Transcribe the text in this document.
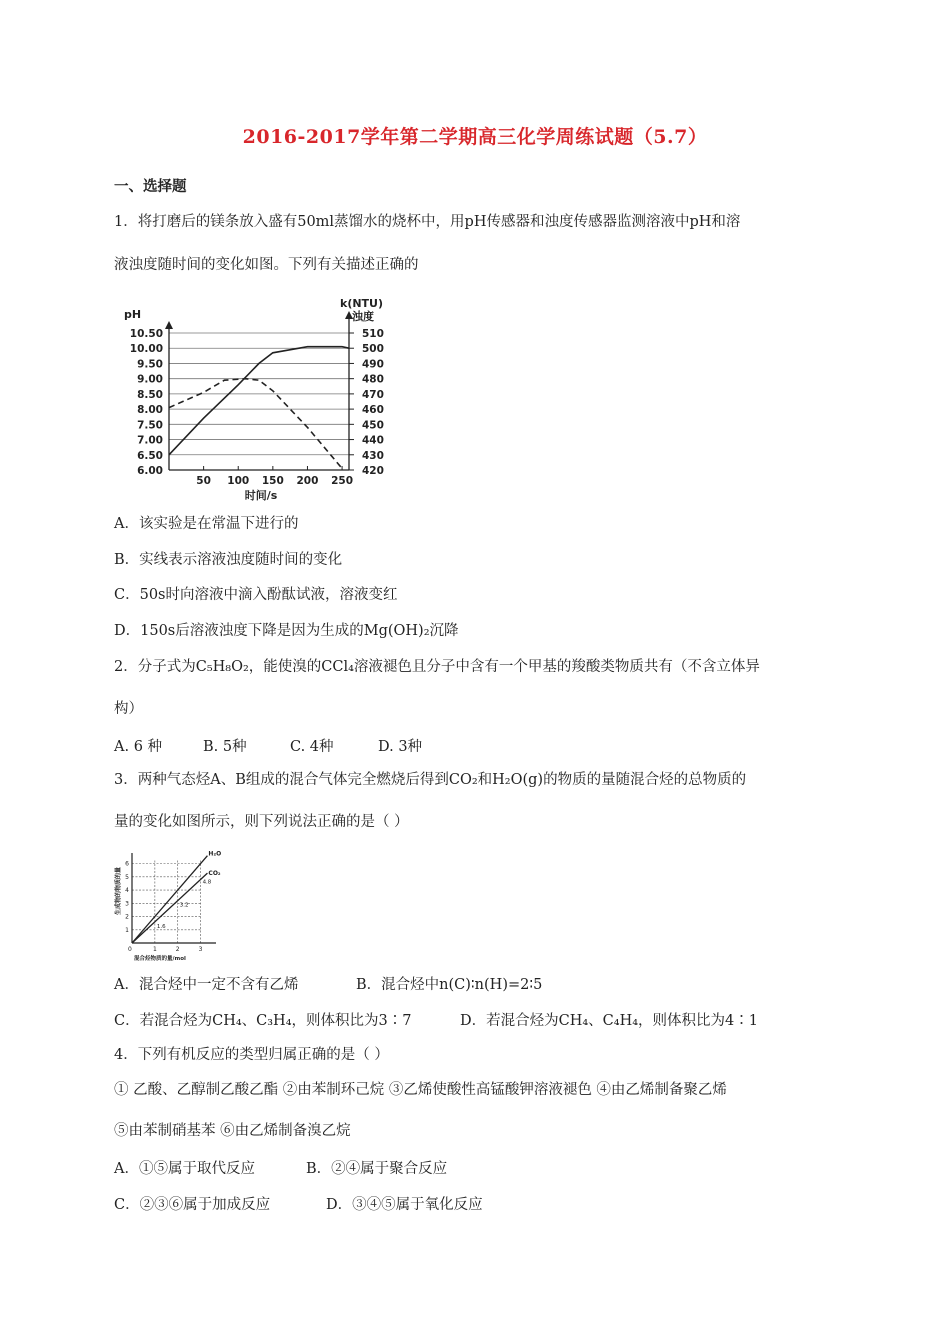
2016-2017学年第二学期高三化学周练试题（5.7）
一、选择题
1．将打磨后的镁条放入盛有50ml蒸馏水的烧杯中，用pH传感器和浊度传感器监测溶液中pH和溶
液浊度随时间的变化如图。下列有关描述正确的
pH
k(NTU)
浊度
6.00
6.50
7.00
7.50
8.00
8.50
9.00
9.50
10.00
10.50
420
430
440
450
460
470
480
490
500
510
50 100 150 200 250
时间/s
A．该实验是在常温下进行的
B．实线表示溶液浊度随时间的变化
C．50s时向溶液中滴入酚酞试液，溶液变红
D．150s后溶液浊度下降是因为生成的Mg(OH)₂沉降
2．分子式为C₅H₈O₂，能使溴的CCl₄溶液褪色且分子中含有一个甲基的羧酸类物质共有（不含立体异
构）
A. 6 种	B. 5种	C. 4种	D. 3种
3．两种气态烃A、B组成的混合气体完全燃烧后得到CO₂和H₂O(g)的物质的量随混合烃的总物质的
量的变化如图所示，则下列说法正确的是（ ）
生成物的物质的量
1
2
3
4
5
6
1	2	3
0
混合烃物质的量/mol
H₂O
CO₂
1.6
3.2
4.8
A．混合烃中一定不含有乙烯	B．混合烃中n(C)∶n(H)=2∶5
C．若混合烃为CH₄、C₃H₄，则体积比为3∶7	D．若混合烃为CH₄、C₄H₄，则体积比为4∶1
4．下列有机反应的类型归属正确的是（ ）
① 乙酸、乙醇制乙酸乙酯 ②由苯制环己烷 ③乙烯使酸性高锰酸钾溶液褪色 ④由乙烯制备聚乙烯
⑤由苯制硝基苯 ⑥由乙烯制备溴乙烷
A．①⑤属于取代反应	B．②④属于聚合反应
C．②③⑥属于加成反应	D．③④⑤属于氧化反应
